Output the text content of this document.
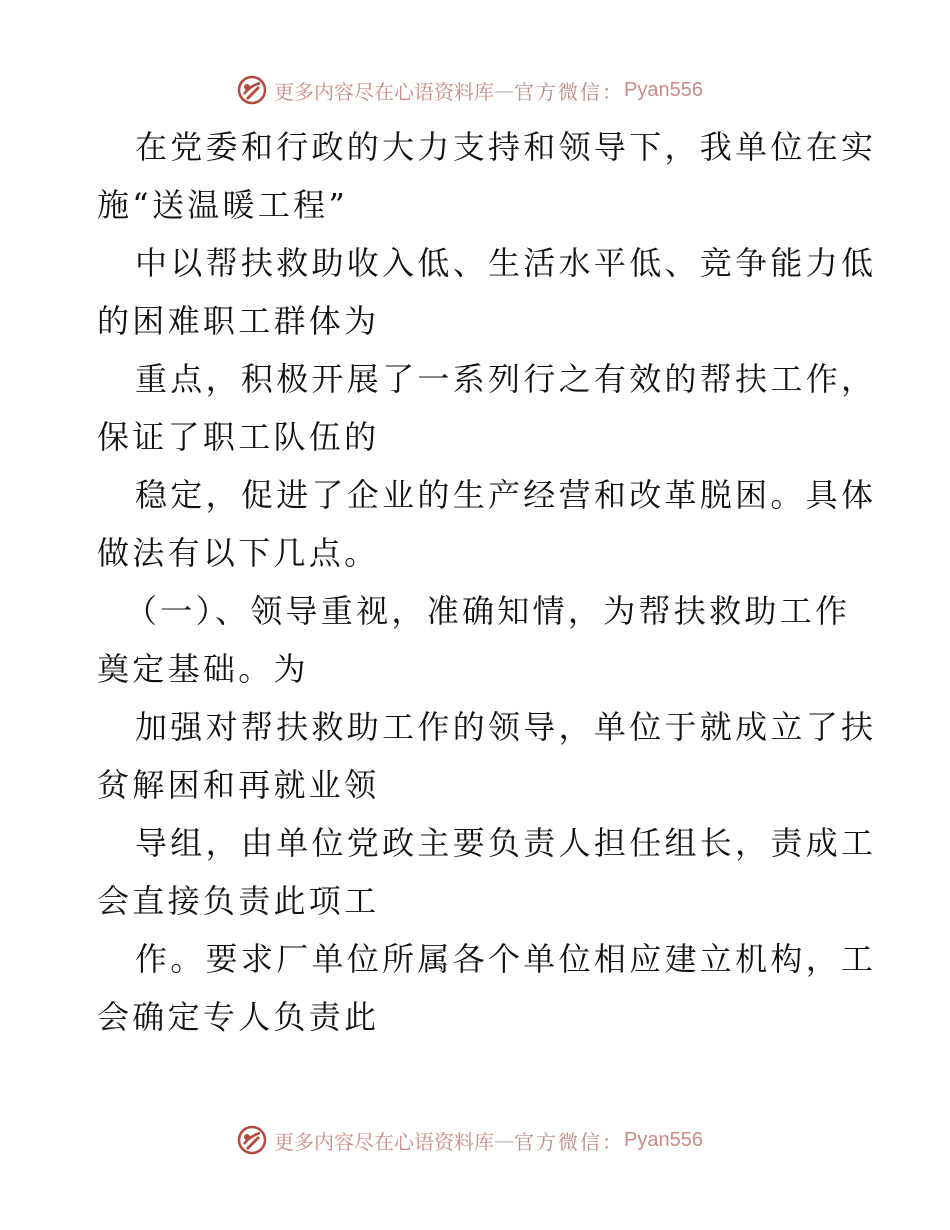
更多内容尽在心语资料库 — 官方微信： Pyan556
在党委和行政的大力支持和领导下，我单位在实
施“送温暖工程”
中以帮扶救助收入低、生活水平低、竞争能力低
的困难职工群体为
重点，积极开展了一系列行之有效的帮扶工作，
保证了职工队伍的
稳定，促进了企业的生产经营和改革脱困。具体
做法有以下几点。
（一）、领导重视，准确知情，为帮扶救助工作
奠定基础。为
加强对帮扶救助工作的领导，单位于就成立了扶
贫解困和再就业领
导组，由单位党政主要负责人担任组长，责成工
会直接负责此项工
作。要求厂单位所属各个单位相应建立机构，工
会确定专人负责此
更多内容尽在心语资料库 — 官方微信： Pyan556
